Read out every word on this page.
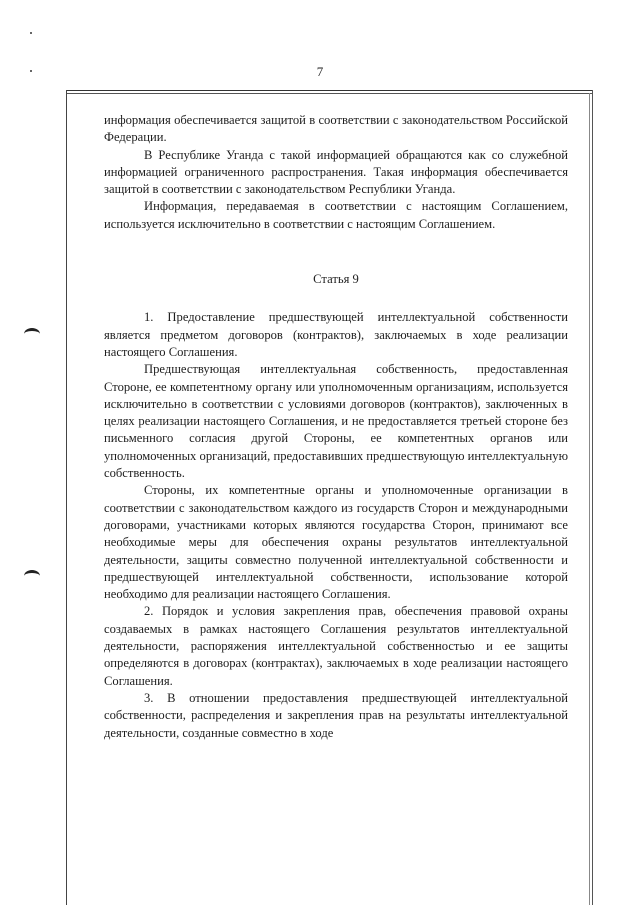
7

информация обеспечивается защитой в соответствии с законодательством Российской Федерации.

В Республике Уганда с такой информацией обращаются как со служебной информацией ограниченного распространения. Такая информация обеспечивается защитой в соответствии с законодательством Республики Уганда.

Информация, передаваемая в соответствии с настоящим Соглашением, используется исключительно в соответствии с настоящим Соглашением.

Статья 9

1. Предоставление предшествующей интеллектуальной собственности является предметом договоров (контрактов), заключаемых в ходе реализации настоящего Соглашения.

Предшествующая интеллектуальная собственность, предоставленная Стороне, ее компетентному органу или уполномоченным организациям, используется исключительно в соответствии с условиями договоров (контрактов), заключенных в целях реализации настоящего Соглашения, и не предоставляется третьей стороне без письменного согласия другой Стороны, ее компетентных органов или уполномоченных организаций, предоставивших предшествующую интеллектуальную собственность.

Стороны, их компетентные органы и уполномоченные организации в соответствии с законодательством каждого из государств Сторон и международными договорами, участниками которых являются государства Сторон, принимают все необходимые меры для обеспечения охраны результатов интеллектуальной деятельности, защиты совместно полученной интеллектуальной собственности и предшествующей интеллектуальной собственности, использование которой необходимо для реализации настоящего Соглашения.

2. Порядок и условия закрепления прав, обеспечения правовой охраны создаваемых в рамках настоящего Соглашения результатов интеллектуальной деятельности, распоряжения интеллектуальной собственностью и ее защиты определяются в договорах (контрактах), заключаемых в ходе реализации настоящего Соглашения.

3. В отношении предоставления предшествующей интеллектуальной собственности, распределения и закрепления прав на результаты интеллектуальной деятельности, созданные совместно в ходе
